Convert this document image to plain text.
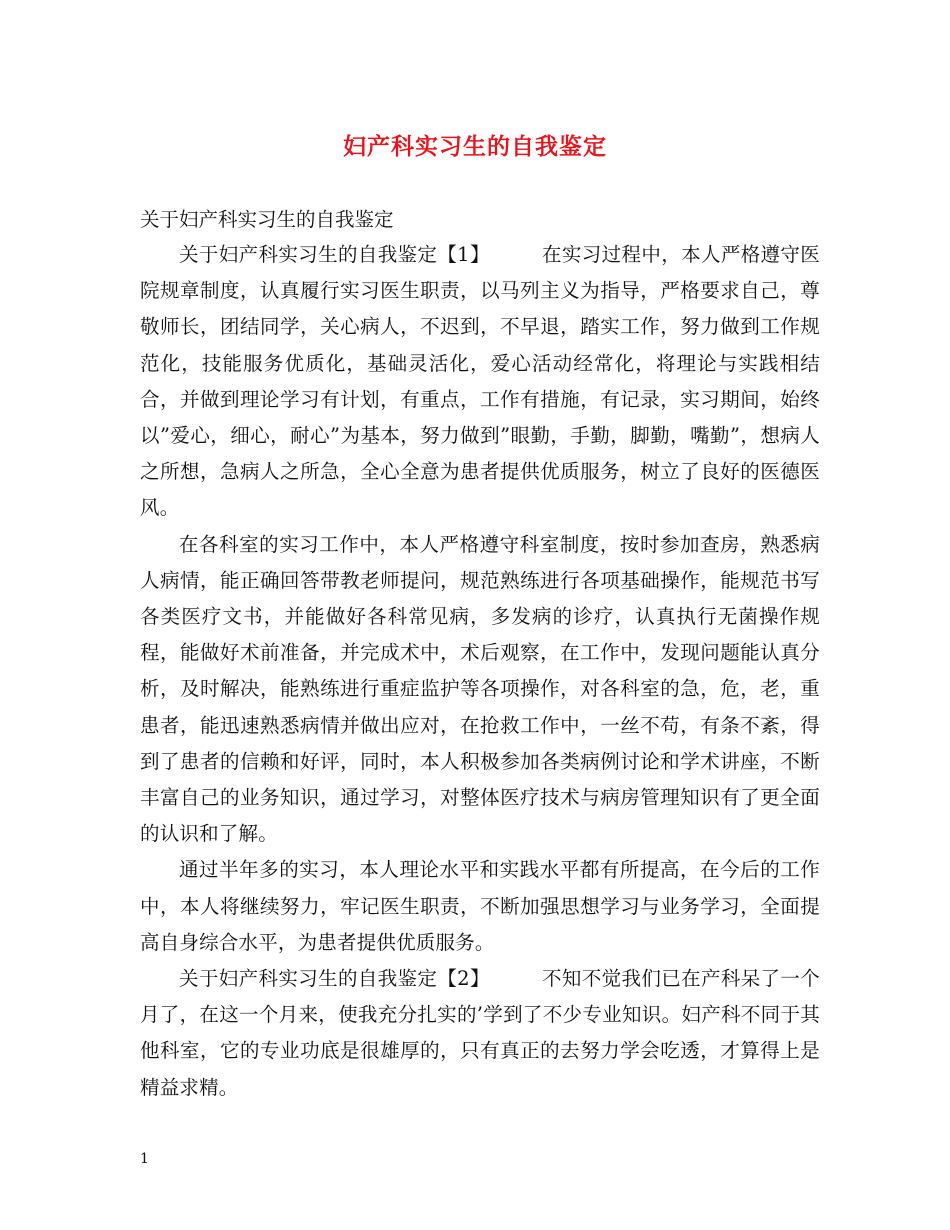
妇产科实习生的自我鉴定
关于妇产科实习生的自我鉴定

关于妇产科实习生的自我鉴定【1】	在实习过程中，本人严格遵守医院规章制度，认真履行实习医生职责，以马列主义为指导，严格要求自己，尊敬师长，团结同学，关心病人，不迟到，不早退，踏实工作，努力做到工作规范化，技能服务优质化，基础灵活化，爱心活动经常化，将理论与实践相结合，并做到理论学习有计划，有重点，工作有措施，有记录，实习期间，始终以”爱心，细心，耐心”为基本，努力做到”眼勤，手勤，脚勤，嘴勤”，想病人之所想，急病人之所急，全心全意为患者提供优质服务，树立了良好的医德医风。

在各科室的实习工作中，本人严格遵守科室制度，按时参加查房，熟悉病人病情，能正确回答带教老师提问，规范熟练进行各项基础操作，能规范书写各类医疗文书，并能做好各科常见病，多发病的诊疗，认真执行无菌操作规程，能做好术前准备，并完成术中，术后观察，在工作中，发现问题能认真分析，及时解决，能熟练进行重症监护等各项操作，对各科室的急，危，老，重患者，能迅速熟悉病情并做出应对，在抢救工作中，一丝不苟，有条不紊，得到了患者的信赖和好评，同时，本人积极参加各类病例讨论和学术讲座，不断丰富自己的业务知识，通过学习，对整体医疗技术与病房管理知识有了更全面的认识和了解。

通过半年多的实习，本人理论水平和实践水平都有所提高，在今后的工作中，本人将继续努力，牢记医生职责，不断加强思想学习与业务学习，全面提高自身综合水平，为患者提供优质服务。

关于妇产科实习生的自我鉴定【2】	不知不觉我们已在产科呆了一个月了，在这一个月来，使我充分扎实的’学到了不少专业知识。妇产科不同于其他科室，它的专业功底是很雄厚的，只有真正的去努力学会吃透，才算得上是精益求精。

1
